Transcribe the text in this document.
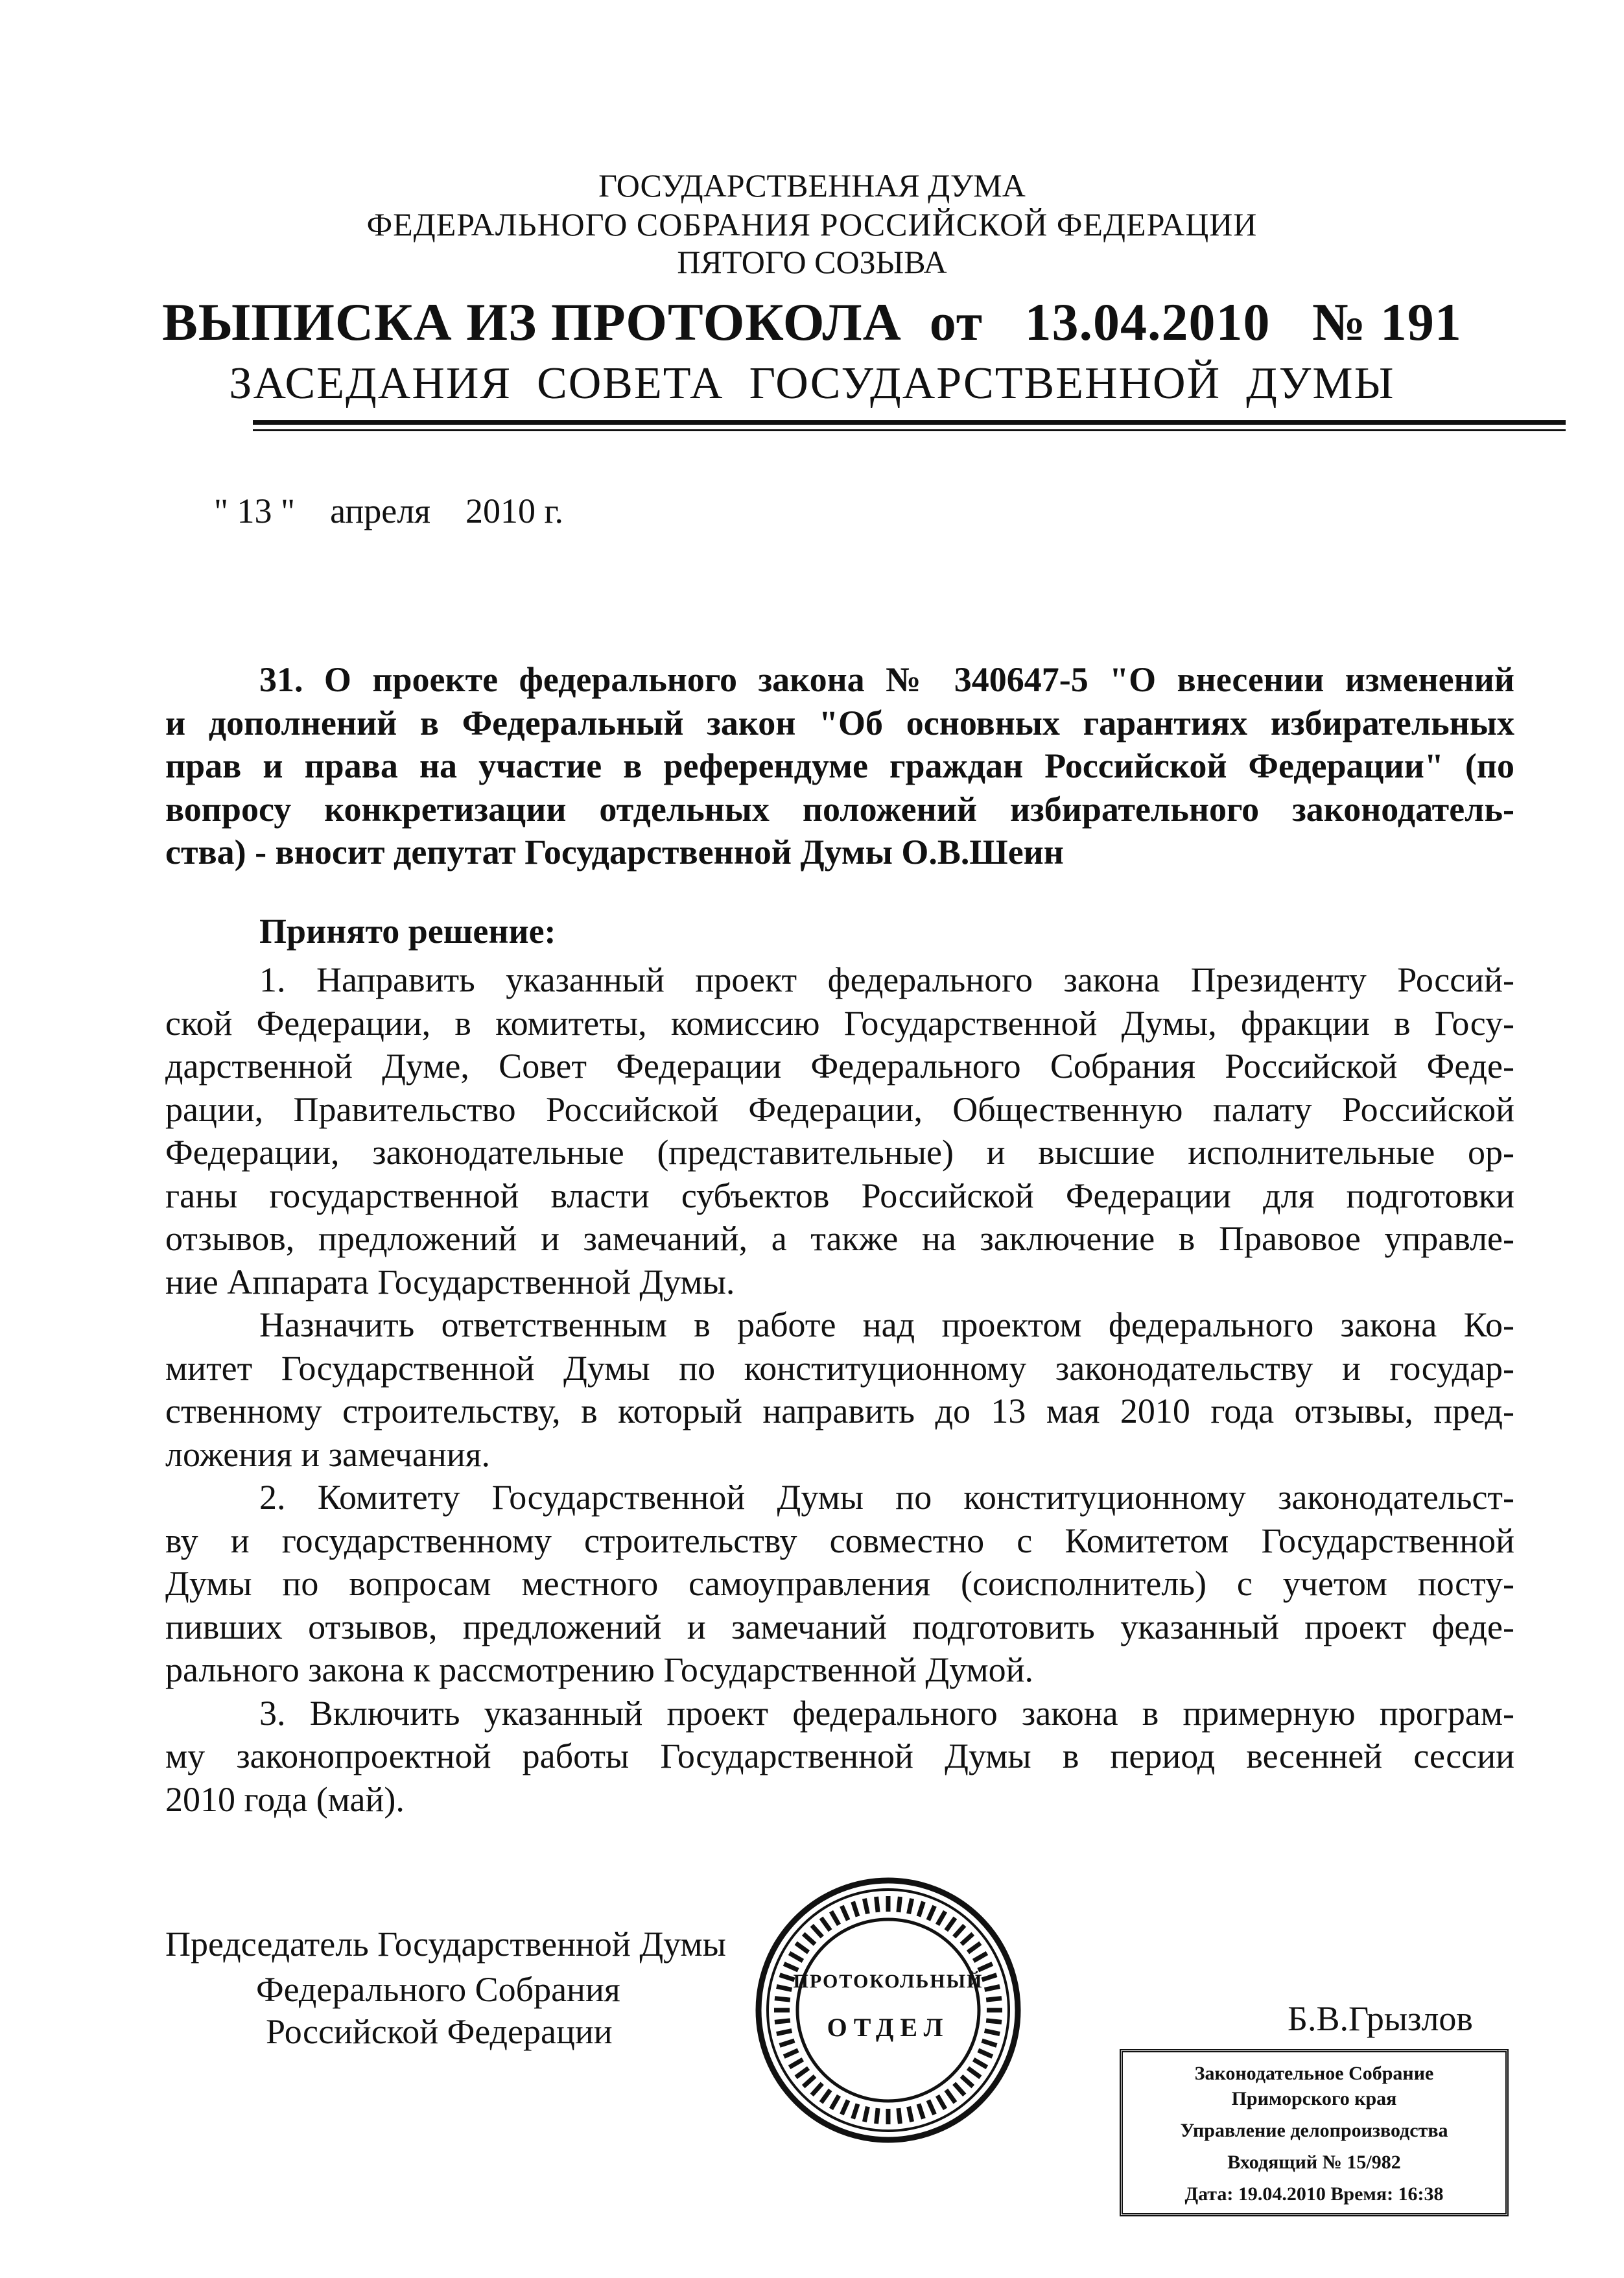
ГОСУДАРСТВЕННАЯ ДУМА
ФЕДЕРАЛЬНОГО СОБРАНИЯ РОССИЙСКОЙ ФЕДЕРАЦИИ
ПЯТОГО СОЗЫВА
ВЫПИСКА ИЗ ПРОТОКОЛА  от   13.04.2010   № 191
ЗАСЕДАНИЯ  СОВЕТА  ГОСУДАРСТВЕННОЙ  ДУМЫ
" 13 "    апреля    2010 г.
31. О проекте федерального закона № 340647-5 "О внесении изменений
и дополнений в Федеральный закон "Об основных гарантиях избирательных
прав и права на участие в референдуме граждан Российской Федерации" (по
вопросу конкретизации отдельных положений избирательного законодатель-
ства) - вносит депутат Государственной Думы О.В.Шеин
Принято решение:
1. Направить указанный проект федерального закона Президенту Россий-
ской Федерации, в комитеты, комиссию Государственной Думы, фракции в Госу-
дарственной Думе, Совет Федерации Федерального Собрания Российской Феде-
рации, Правительство Российской Федерации, Общественную палату Российской
Федерации, законодательные (представительные) и высшие исполнительные ор-
ганы государственной власти субъектов Российской Федерации для подготовки
отзывов, предложений и замечаний, а также на заключение в Правовое управле-
ние Аппарата Государственной Думы.
Назначить ответственным в работе над проектом федерального закона Ко-
митет Государственной Думы по конституционному законодательству и государ-
ственному строительству, в который направить до 13 мая 2010 года отзывы, пред-
ложения и замечания.
2. Комитету Государственной Думы по конституционному законодательст-
ву и государственному строительству совместно с Комитетом Государственной
Думы по вопросам местного самоуправления (соисполнитель) с учетом посту-
пивших отзывов, предложений и замечаний подготовить указанный проект феде-
рального закона к рассмотрению Государственной Думой.
3. Включить указанный проект федерального закона в примерную програм-
му законопроектной работы Государственной Думы в период весенней сессии
2010 года (май).
Председатель Государственной Думы
Федерального Собрания
Российской Федерации	Б.В.Грызлов
ПРОТОКОЛЬНЫЙ
ОТДЕЛ
Законодательное Собрание
Приморского края
Управление делопроизводства
Входящий № 15/982
Дата: 19.04.2010 Время: 16:38
